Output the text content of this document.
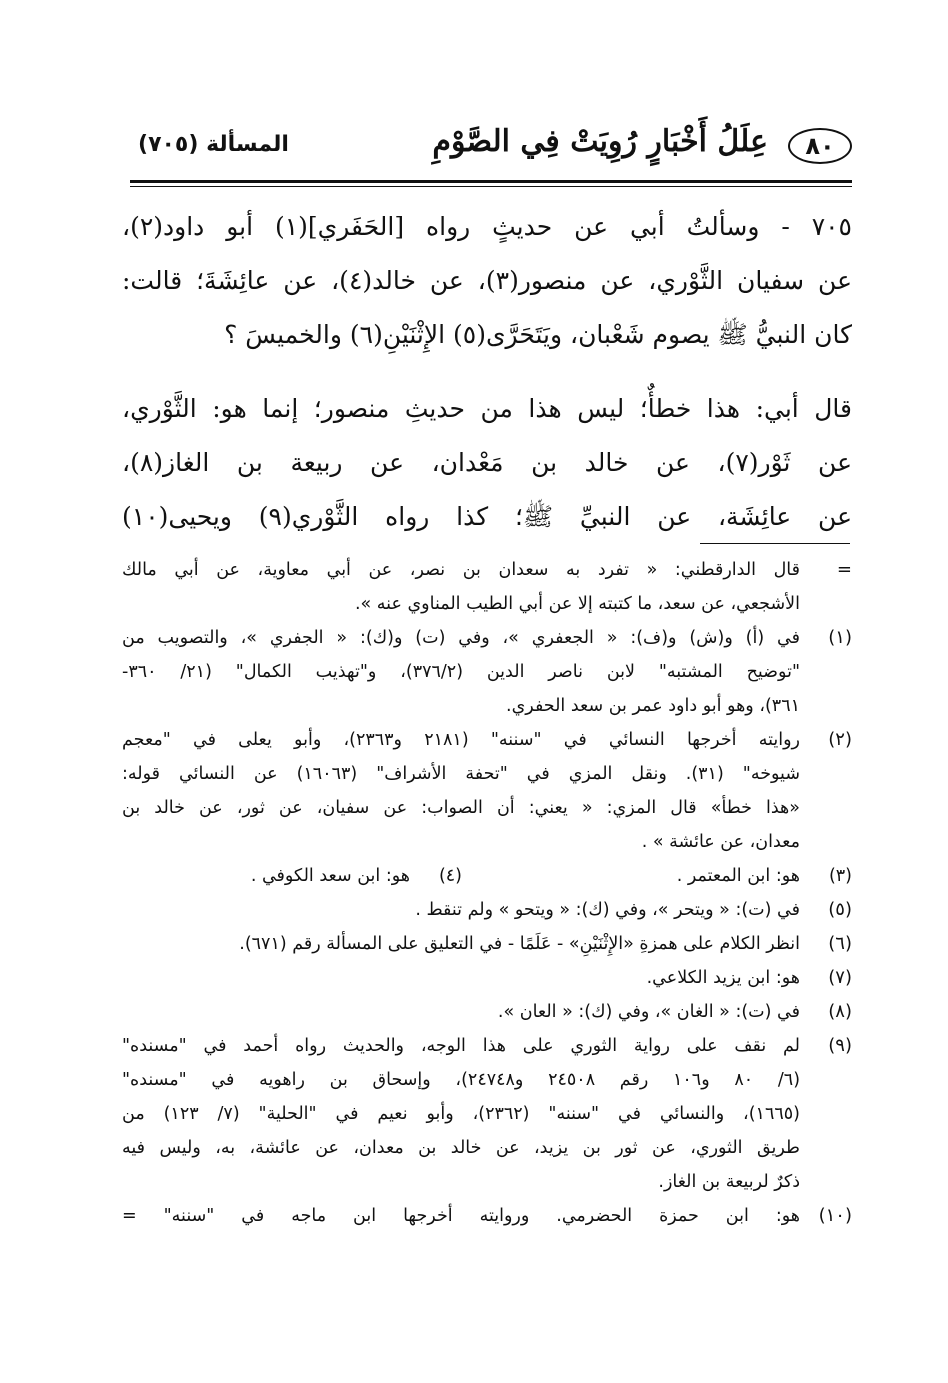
٨٠
عِلَلُ أَخْبَارٍ رُوِيَتْ فِي الصَّوْمِ
المسألة (٧٠٥)
٧٠٥ - وسألتُ أبي عن حديثٍ رواه [الحَفَري](١) أبو داود(٢)،
عن سفيان الثَّوْري، عن منصور(٣)، عن خالد(٤)، عن عائِشَةَ؛ قالت:
كان النبيُّ ﷺ يصوم شَعْبان، ويَتَحَرَّى(٥) الإِثْنَيْنِ(٦) والخميسَ ؟
قال أبي: هذا خطأٌ؛ ليس هذا من حديثِ منصور؛ إنما هو: الثَّوْري،
عن ثَوْر(٧)، عن خالد بن مَعْدان، عن ربيعة بن الغاز(٨)،
عن عائِشَة، عن النبيِّ ﷺ؛ كذا رواه الثَّوْري(٩) ويحيى(١٠)
=
قال الدارقطني: « تفرد به سعدان بن نصر، عن أبي معاوية، عن أبي مالك
الأشجعي، عن سعد، ما كتبته إلا عن أبي الطيب المناوي عنه ».
(١)
في (أ) و(ش) و(ف): « الجعفري »، وفي (ت) و(ك): « الجفري »، والتصويب من
"توضيح المشتبه" لابن ناصر الدين (٣٧٦/٢)، و"تهذيب الكمال" (٢١/ ٣٦٠-
٣٦١)، وهو أبو داود عمر بن سعد الحفري.
(٢)
روايته أخرجها النسائي في "سننه" (٢١٨١ و٢٣٦٣)، وأبو يعلى في "معجم
شيوخه" (٣١). ونقل المزي في "تحفة الأشراف" (١٦٠٦٣) عن النسائي قوله:
«هذا خطأ» قال المزي: « يعني: أن الصواب: عن سفيان، عن ثور، عن خالد بن
معدان، عن عائشة » .
(٣)هو: ابن المعتمر .
(٤)هو: ابن سعد الكوفي .
(٥)
في (ت): « ويتحر »، وفي (ك): « ويتحو » ولم تنقط .
(٦)
انظر الكلام على همزةِ «الإِثْنَيْنِ» - عَلَمًا - في التعليق على المسألة رقم (٦٧١).
(٧)
هو: ابن يزيد الكلاعي.
(٨)
في (ت): « الغان »، وفي (ك): « العان ».
(٩)
لم نقف على رواية الثوري على هذا الوجه، والحديث رواه أحمد في "مسنده"
(٦/ ٨٠ و١٠٦ رقم ٢٤٥٠٨ و٢٤٧٤٨)، وإسحاق بن راهويه في "مسنده"
(١٦٦٥)، والنسائي في "سننه" (٢٣٦٢)، وأبو نعيم في "الحلية" (٧/ ١٢٣) من
طريق الثوري، عن ثور بن يزيد، عن خالد بن معدان، عن عائشة، به، وليس فيه
ذكرٌ لربيعة بن الغاز.
(١٠)
هو: ابن حمزة الحضرمي. وروايته أخرجها ابن ماجه في "سننه" =
